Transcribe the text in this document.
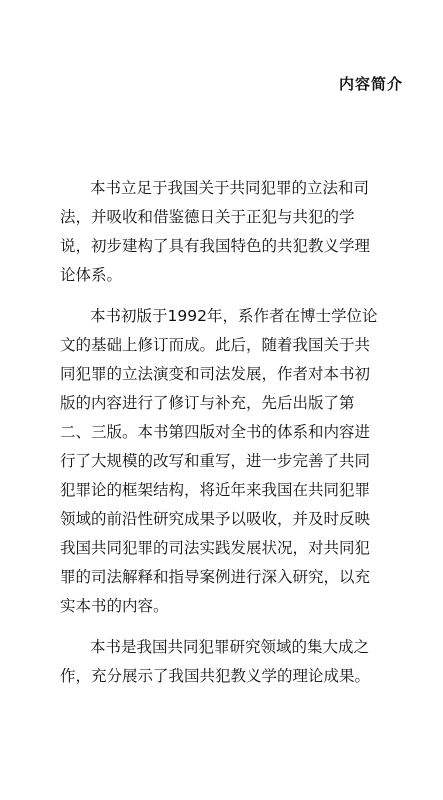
内容简介
本书立足于我国关于共同犯罪的立法和司
法，并吸收和借鉴德日关于正犯与共犯的学
说，初步建构了具有我国特色的共犯教义学理
论体系。
本书初版于1992年，系作者在博士学位论
文的基础上修订而成。此后，随着我国关于共
同犯罪的立法演变和司法发展，作者对本书初
版的内容进行了修订与补充，先后出版了第
二、三版。本书第四版对全书的体系和内容进
行了大规模的改写和重写，进一步完善了共同
犯罪论的框架结构，将近年来我国在共同犯罪
领域的前沿性研究成果予以吸收，并及时反映
我国共同犯罪的司法实践发展状况，对共同犯
罪的司法解释和指导案例进行深入研究，以充
实本书的内容。
本书是我国共同犯罪研究领域的集大成之
作，充分展示了我国共犯教义学的理论成果。
